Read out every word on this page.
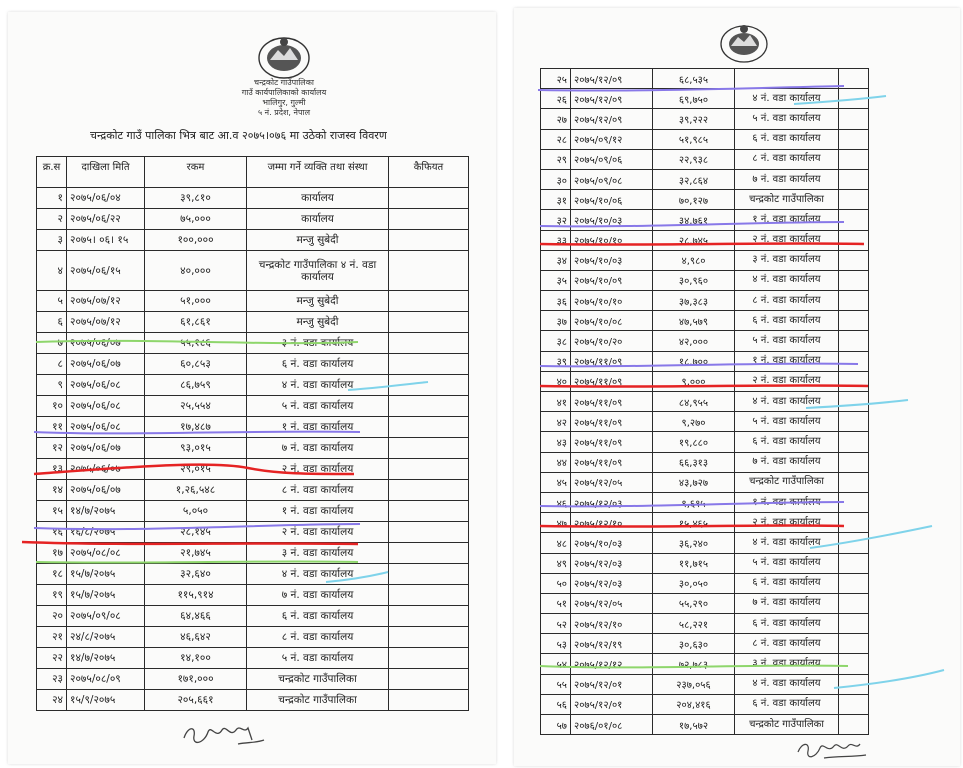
चन्द्रकोट गाउँपालिका
गाउँ कार्यपालिकाको कार्यालय
भालिगुर, गुल्मी
५ नं. प्रदेश, नेपाल
चन्द्रकोट गाउँ पालिका भित्र बाट आ.व २०७५।०७६ मा उठेको राजस्व विवरण
क्र.स	दाखिला मिति	रकम	जम्मा गर्ने व्यक्ति तथा संस्था	कैफियत
१	२०७५/०६/०४	३९,८१०	कार्यालय	
२	२०७५/०६/२२	७५,०००	कार्यालय	
३	२०७५। ०६। १५	१००,०००	मन्जु सुबेदी	
४	२०७५/०६/१५	४०,०००	चन्द्रकोट गाउँपालिका ४ नं. वडा कार्यालय	
५	२०७५/०७/१२	५१,०००	मन्जु सुबेदी	
६	२०७५/०७/१२	६१,८६१	मन्जु सुबेदी	
७	२०७५/०६/०७	५५,१८६	३ नं. वडा कार्यालय	
८	२०७५/०६/०७	६०,८५३	६ नं. वडा कार्यालय	
९	२०७५/०६/०८	८६,७५९	४ नं. वडा कार्यालय	
१०	२०७५/०६/०८	२५,५५४	५ नं. वडा कार्यालय	
११	२०७५/०६/०८	१७,४८७	१ नं. वडा कार्यालय	
१२	२०७५/०६/०७	९३,०१५	७ नं. वडा कार्यालय	
१३	२०७५/०६/०७	२९,०१५	२ नं. वडा कार्यालय	
१४	२०७५/०६/०७	१,२६,५४८	८ नं. वडा कार्यालय	
१५	१४/७/२०७५	५,०५०	१ नं. वडा कार्यालय	
१६	१६/८/२०७५	२८,१४५	२ नं. वडा कार्यालय	
१७	२०७५/०८/०८	२१,७४५	३ नं. वडा कार्यालय	
१८	१५/७/२०७५	३२,६४०	४ नं. वडा कार्यालय	
१९	१५/७/२०७५	११५,९१४	७ नं. वडा कार्यालय	
२०	२०७५/०९/०८	६४,४६६	६ नं. वडा कार्यालय	
२१	२४/८/२०७५	४६,६४२	८ नं. वडा कार्यालय	
२२	१४/७/२०७५	१४,१००	५ नं. वडा कार्यालय	
२३	२०७५/०८/०९	१७१,०००	चन्द्रकोट गाउँपालिका	
२४	१५/९/२०७५	२०५,६६१	चन्द्रकोट गाउँपालिका	
२५	२०७५/१२/०९	६८,५३५		
२६	२०७५/१२/०९	६९,७५०	४ नं. वडा कार्यालय	
२७	२०७५/१२/०९	३९,२२२	५ नं. वडा कार्यालय	
२८	२०७५/०९/१२	५१,९८५	६ नं. वडा कार्यालय	
२९	२०७५/०९/०६	२२,९३८	८ नं. वडा कार्यालय	
३०	२०७५/०९/०८	३२,८६४	७ नं. वडा कार्यालय	
३१	२०७५/१०/०६	७०,१२७	चन्द्रकोट गाउँपालिका	
३२	२०७५/१०/०३	३४,७६१	१ नं. वडा कार्यालय	
३३	२०७५/१०/१०	२८,७४५	२ नं. वडा कार्यालय	
३४	२०७५/१०/०३	४,९८०	३ नं. वडा कार्यालय	
३५	२०७५/१०/०९	३०,९६०	४ नं. वडा कार्यालय	
३६	२०७५/१०/१०	३७,३८३	८ नं. वडा कार्यालय	
३७	२०७५/१०/०८	४७,५७९	६ नं. वडा कार्यालय	
३८	२०७५/१०/२०	४२,०००	५ नं. वडा कार्यालय	
३९	२०७५/११/०९	१८,७००	१ नं. वडा कार्यालय	
४०	२०७५/११/०९	९,०००	२ नं. वडा कार्यालय	
४१	२०७५/११/०९	८४,९५५	४ नं. वडा कार्यालय	
४२	२०७५/११/०९	९,२७०	५ नं. वडा कार्यालय	
४३	२०७५/११/०९	१९,८८०	६ नं. वडा कार्यालय	
४४	२०७५/११/०९	६६,३१३	७ नं. वडा कार्यालय	
४५	२०७५/१२/०५	४३,७२७	चन्द्रकोट गाउँपालिका	
४६	२०७५/१२/०३	९,६१५	१ नं. वडा कार्यालय	
४७	२०७५/१२/१०	१५,४६५	२ नं. वडा कार्यालय	
४८	२०७५/१०/०३	३६,२४०	४ नं. वडा कार्यालय	
४९	२०७५/१२/०३	११,७१५	५ नं. वडा कार्यालय	
५०	२०७५/१२/०३	३०,०५०	६ नं. वडा कार्यालय	
५१	२०७५/१२/०५	५५,२९०	७ नं. वडा कार्यालय	
५२	२०७५/१२/१०	५८,२२१	६ नं. वडा कार्यालय	
५३	२०७५/१२/१९	३०,६३०	८ नं. वडा कार्यालय	
५४	२०७५/१२/१२	७२,७८३	३ नं. वडा कार्यालय	
५५	२०७५/१२/०१	२३७,०५६	४ नं. वडा कार्यालय	
५६	२०७५/१२/०१	२०४,४१६	६ नं. वडा कार्यालय	
५७	२०७६/०१/०८	१७,५७२	चन्द्रकोट गाउँपालिका	
